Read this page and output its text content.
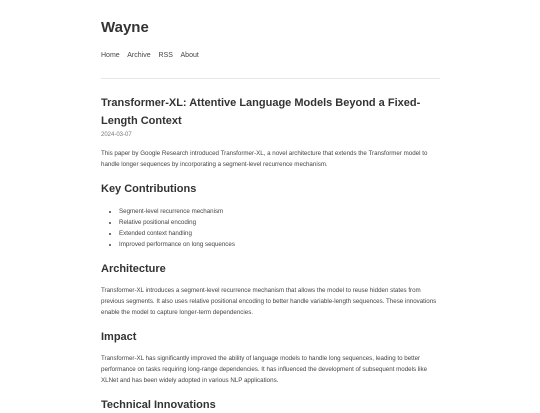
Wayne
Home Archive RSS About
Transformer-XL: Attentive Language Models Beyond a Fixed-Length Context
2024-03-07

This paper by Google Research introduced Transformer-XL, a novel architecture that extends the Transformer model to handle longer sequences by incorporating a segment-level recurrence mechanism.

Key Contributions
• Segment-level recurrence mechanism
• Relative positional encoding
• Extended context handling
• Improved performance on long sequences
Architecture

Transformer-XL introduces a segment-level recurrence mechanism that allows the model to reuse hidden states from previous segments. It also uses relative positional encoding to better handle variable-length sequences. These innovations enable the model to capture longer-term dependencies.

Impact

Transformer-XL has significantly improved the ability of language models to handle long sequences, leading to better performance on tasks requiring long-range dependencies. It has influenced the development of subsequent models like XLNet and has been widely adopted in various NLP applications.

Technical Innovations
